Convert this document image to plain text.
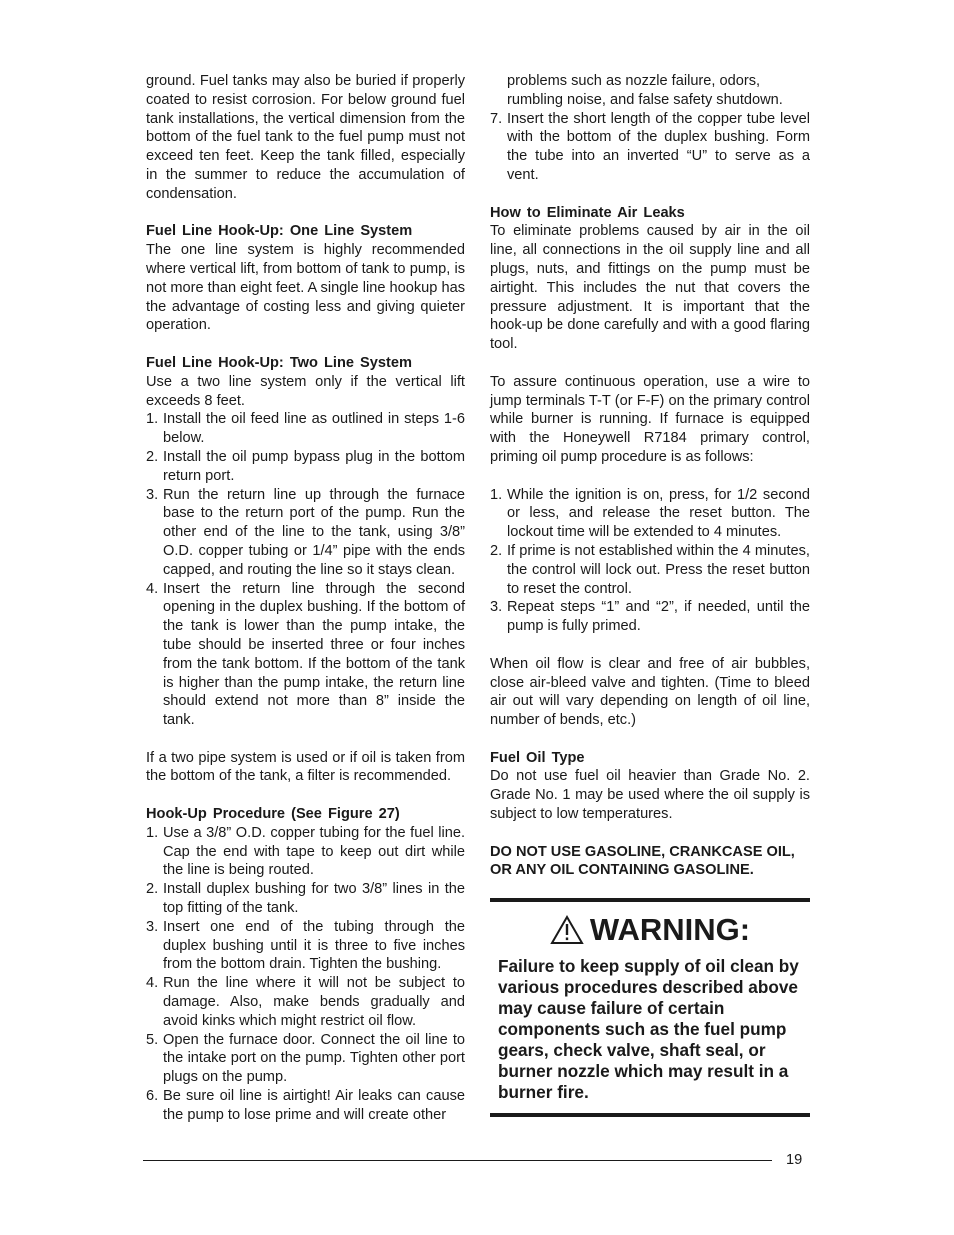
ground. Fuel tanks may also be buried if properly coated to resist corrosion. For below ground fuel tank installations, the vertical dimension from the bottom of the fuel tank to the fuel pump must not exceed ten feet. Keep the tank filled, especially in the summer to reduce the accumulation of condensation.

Fuel Line Hook-Up: One Line System

The one line system is highly recommended where vertical lift, from bottom of tank to pump, is not more than eight feet. A single line hookup has the advantage of costing less and giving quieter operation.

Fuel Line Hook-Up: Two Line System

Use a two line system only if the vertical lift exceeds 8 feet.

1. Install the oil feed line as outlined in steps 1-6 below.
2. Install the oil pump bypass plug in the bottom return port.
3. Run the return line up through the furnace base to the return port of the pump. Run the other end of the line to the tank, using 3/8” O.D. copper tubing or 1/4” pipe with the ends capped, and routing the line so it stays clean.
4. Insert the return line through the second opening in the duplex bushing. If the bottom of the tank is lower than the pump intake, the tube should be inserted three or four inches from the tank bottom. If the bottom of the tank is higher than the pump intake, the return line should extend not more than 8” inside the tank.

If a two pipe system is used or if oil is taken from the bottom of the tank, a filter is recommended.

Hook-Up Procedure (See Figure 27)
1. Use a 3/8” O.D. copper tubing for the fuel line. Cap the end with tape to keep out dirt while the line is being routed.
2. Install duplex bushing for two 3/8” lines in the top fitting of the tank.
3. Insert one end of the tubing through the duplex bushing until it is three to five inches from the bottom drain. Tighten the bushing.
4. Run the line where it will not be subject to damage. Also, make bends gradually and avoid kinks which might restrict oil flow.
5. Open the furnace door. Connect the oil line to the intake port on the pump. Tighten other port plugs on the pump.
6. Be sure oil line is airtight! Air leaks can cause the pump to lose prime and will create other

problems such as nozzle failure, odors, rumbling noise, and false safety shutdown.

7. Insert the short length of the copper tube level with the bottom of the duplex bushing. Form the tube into an inverted “U” to serve as a vent.
How to Eliminate Air Leaks

To eliminate problems caused by air in the oil line, all connections in the oil supply line and all plugs, nuts, and fittings on the pump must be airtight. This includes the nut that covers the pressure adjustment. It is important that the hook-up be done carefully and with a good flaring tool.

To assure continuous operation, use a wire to jump terminals T-T (or F-F) on the primary control while burner is running. If furnace is equipped with the Honeywell R7184 primary control, priming oil pump procedure is as follows:

1. While the ignition is on, press, for 1/2 second or less, and release the reset button. The lockout time will be extended to 4 minutes.
2. If prime is not established within the 4 minutes, the control will lock out. Press the reset button to reset the control.
3. Repeat steps “1” and “2”, if needed, until the pump is fully primed.

When oil flow is clear and free of air bubbles, close air-bleed valve and tighten. (Time to bleed air out will vary depending on length of oil line, number of bends, etc.)

Fuel Oil Type

Do not use fuel oil heavier than Grade No. 2. Grade No. 1 may be used where the oil supply is subject to low temperatures.

DO NOT USE GASOLINE, CRANKCASE OIL, OR ANY OIL CONTAINING GASOLINE.

WARNING:

Failure to keep supply of oil clean by various procedures described above may cause failure of certain components such as the fuel pump gears, check valve, shaft seal, or burner nozzle which may result in a burner fire.

19
